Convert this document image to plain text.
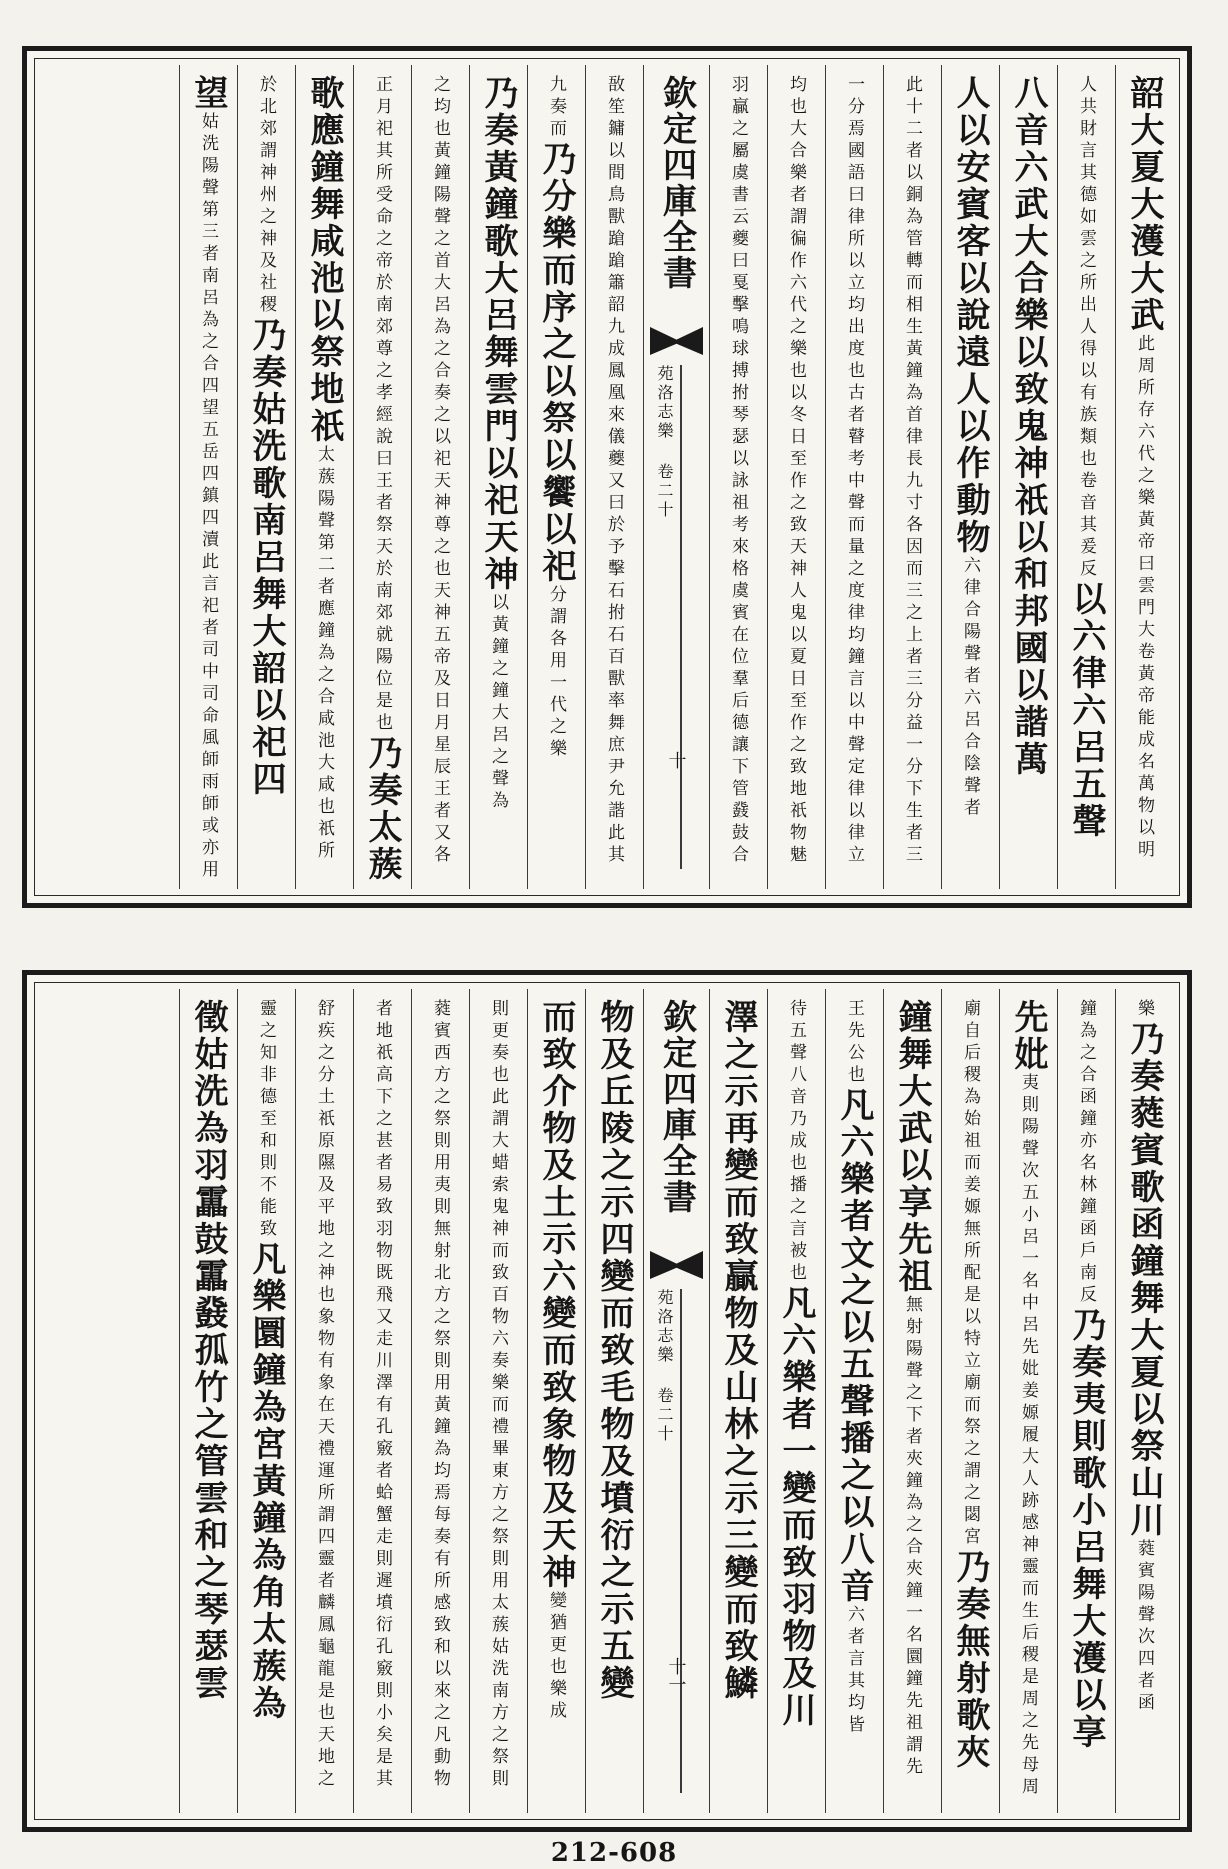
韶大夏大濩大武此周所存六代之樂黃帝曰雲門大卷黃帝能成名萬物以明
人共財言其德如雲之所出人得以有族類也卷音其爰反以六律六呂五聲
八音六武大合樂以致鬼神祇以和邦國以諧萬
人以安賓客以說遠人以作動物六律合陽聲者六呂合陰聲者
此十二者以銅為管轉而相生黃鐘為首律長九寸各因而三之上者三分益一分下生者三
一分焉國語曰律所以立均出度也古者瞽考中聲而量之度律均鐘言以中聲定律以律立
均也大合樂者謂徧作六代之樂也以冬日至作之致天神人鬼以夏日至作之致地祇物魅
羽贏之屬虞書云夔曰戛擊鳴球搏拊琴瑟以詠祖考來格虞賓在位羣后德讓下管鼗鼓合
欽定四庫全書
苑洛志樂 卷二十
十
敔笙鏞以間鳥獸蹌蹌簫韶九成鳳凰來儀夔又曰於予擊石拊石百獸率舞庶尹允諧此其
九奏而乃分樂而序之以祭以饗以祀分謂各用一代之樂
乃奏黃鐘歌大呂舞雲門以祀天神以黃鐘之鐘大呂之聲為
之均也黃鐘陽聲之首大呂為之合奏之以祀天神尊之也天神五帝及日月星辰王者又各
正月祀其所受命之帝於南郊尊之孝經說曰王者祭天於南郊就陽位是也乃奏太蔟
歌應鐘舞咸池以祭地祇太蔟陽聲第二者應鐘為之合咸池大咸也祇所
於北郊謂神州之神及社稷乃奏姑洗歌南呂舞大韶以祀四
望姑洗陽聲第三者南呂為之合四望五岳四鎮四瀆此言祀者司中司命風師雨師或亦用
樂乃奏蕤賓歌函鐘舞大夏以祭山川蕤賓陽聲次四者函
鐘為之合函鐘亦名林鐘函戶南反乃奏夷則歌小呂舞大濩以享
先妣夷則陽聲次五小呂一名中呂先妣姜嫄履大人跡感神靈而生后稷是周之先母周
廟自后稷為始祖而姜嫄無所配是以特立廟而祭之謂之閟宮乃奏無射歌夾
鐘舞大武以享先祖無射陽聲之下者夾鐘為之合夾鐘一名圜鐘先祖謂先
王先公也凡六樂者文之以五聲播之以八音六者言其均皆
待五聲八音乃成也播之言被也凡六樂者一變而致羽物及川
澤之示再變而致贏物及山林之示三變而致鱗
欽定四庫全書
苑洛志樂 卷二十
十一
物及丘陵之示四變而致毛物及墳衍之示五變
而致介物及土示六變而致象物及天神變猶更也樂成
則更奏也此謂大蜡索鬼神而致百物六奏樂而禮畢東方之祭則用太蔟姑洗南方之祭則
蕤賓西方之祭則用夷則無射北方之祭則用黃鐘為均焉每奏有所感致和以來之凡動物
者地祇高下之甚者易致羽物既飛又走川澤有孔竅者蛤蟹走則遲墳衍孔竅則小矣是其
舒疾之分土祇原隰及平地之神也象物有象在天禮運所謂四靈者麟鳳龜龍是也天地之
靈之知非德至和則不能致凡樂圜鐘為宮黃鐘為角太蔟為
徵姑洗為羽靁鼓靁鼗孤竹之管雲和之琴瑟雲
212-608
